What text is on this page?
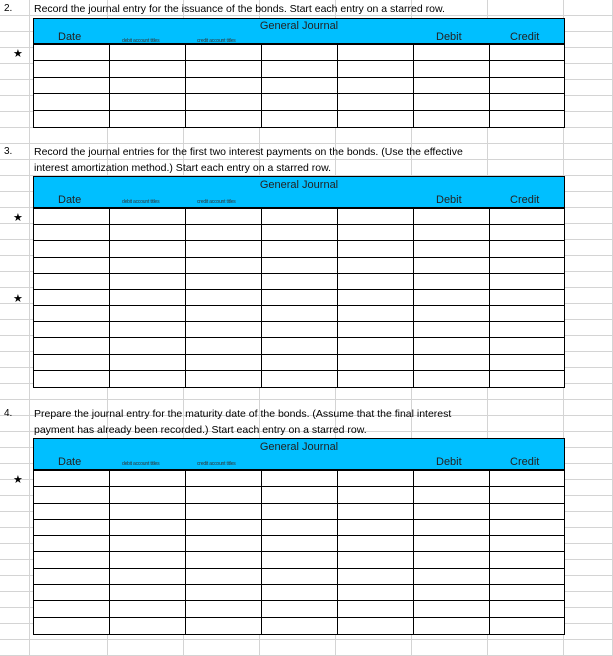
2. Record the journal entry for the issuance of the bonds. Start each entry on a starred row.
General Journal
Date	debit account titles	credit account titles	Debit	Credit
3. Record the journal entries for the first two interest payments on the bonds. (Use the effective
interest amortization method.) Start each entry on a starred row.
General Journal
Date	debit account titles	credit account titles	Debit	Credit
4. Prepare the journal entry for the maturity date of the bonds. (Assume that the final interest
payment has already been recorded.) Start each entry on a starred row.
General Journal
Date	debit account titles	credit account titles	Debit	Credit
★
★
★
★
